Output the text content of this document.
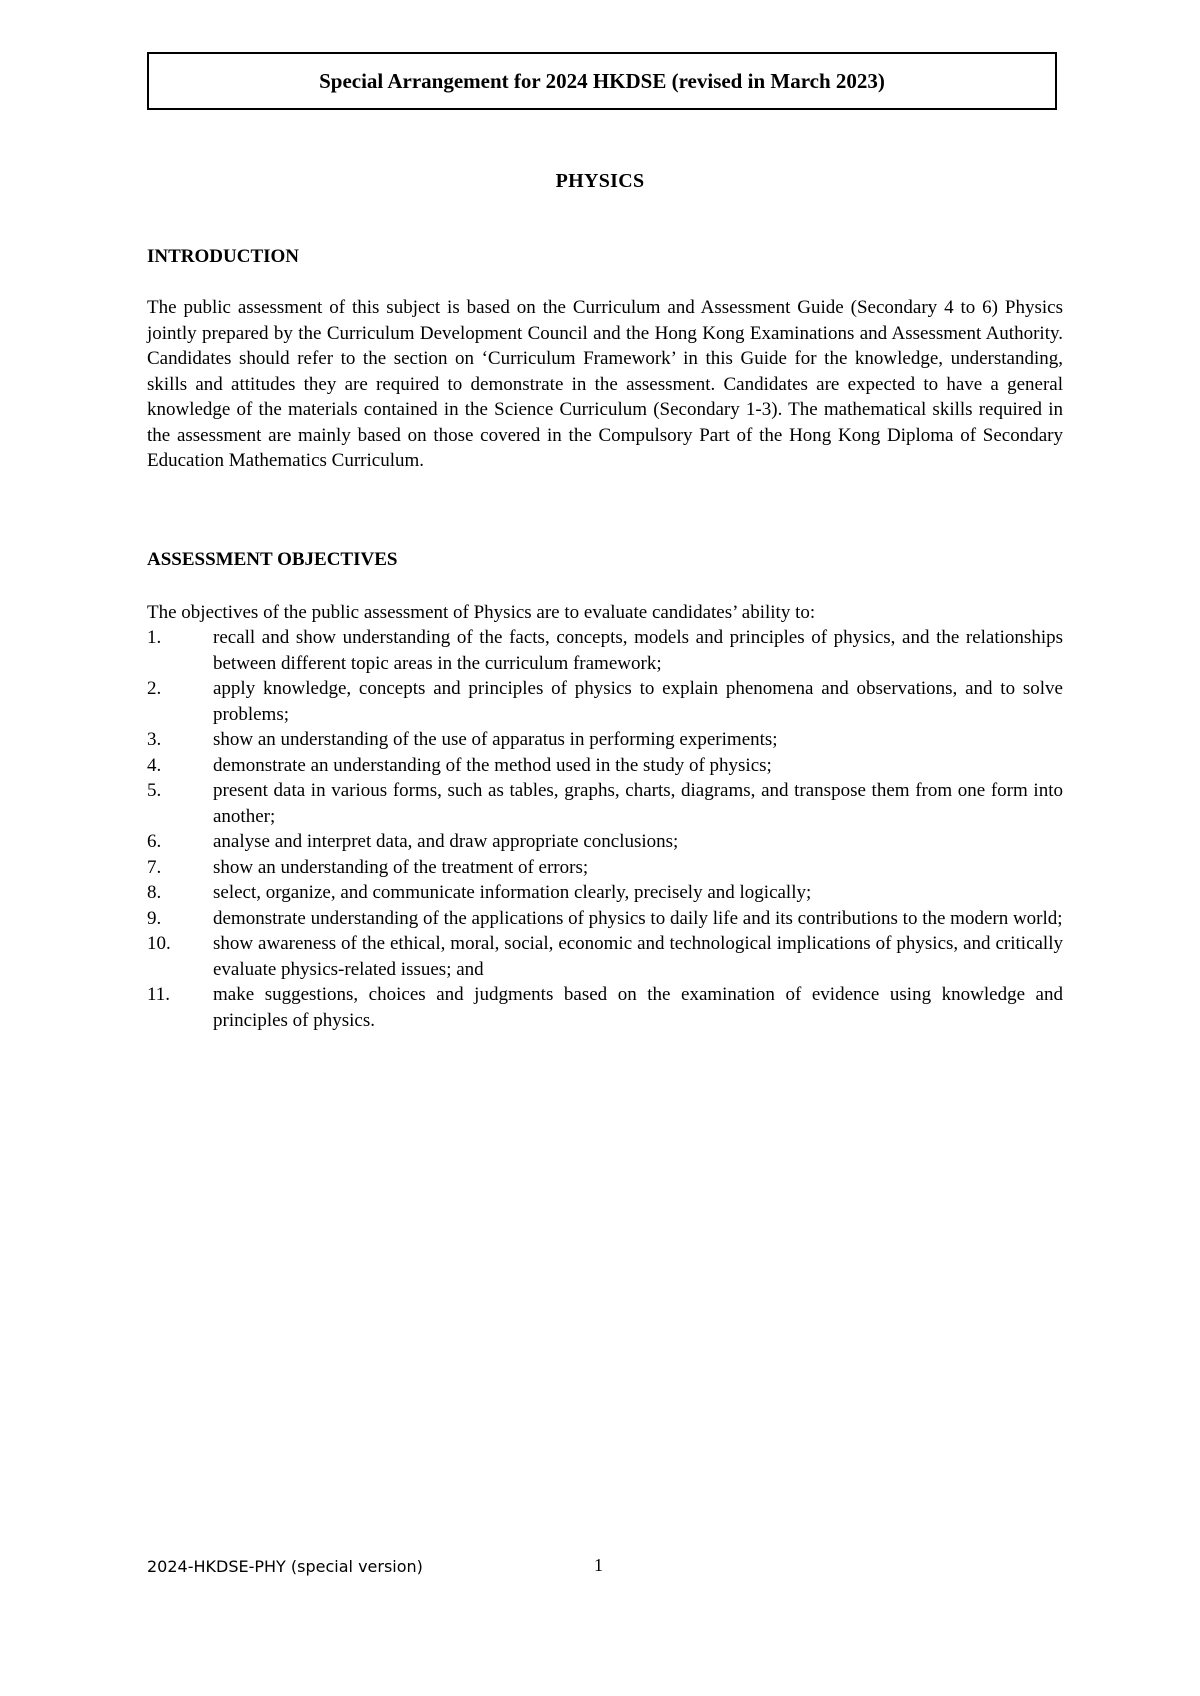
Special Arrangement for 2024 HKDSE (revised in March 2023)
PHYSICS
INTRODUCTION
The public assessment of this subject is based on the Curriculum and Assessment Guide (Secondary 4 to 6) Physics jointly prepared by the Curriculum Development Council and the Hong Kong Examinations and Assessment Authority. Candidates should refer to the section on ‘Curriculum Framework’ in this Guide for the knowledge, understanding, skills and attitudes they are required to demonstrate in the assessment. Candidates are expected to have a general knowledge of the materials contained in the Science Curriculum (Secondary 1-3). The mathematical skills required in the assessment are mainly based on those covered in the Compulsory Part of the Hong Kong Diploma of Secondary Education Mathematics Curriculum.
ASSESSMENT OBJECTIVES
The objectives of the public assessment of Physics are to evaluate candidates’ ability to:
1.	recall and show understanding of the facts, concepts, models and principles of physics, and the relationships between different topic areas in the curriculum framework;
2.	apply knowledge, concepts and principles of physics to explain phenomena and observations, and to solve problems;
3.	show an understanding of the use of apparatus in performing experiments;
4.	demonstrate an understanding of the method used in the study of physics;
5.	present data in various forms, such as tables, graphs, charts, diagrams, and transpose them from one form into another;
6.	analyse and interpret data, and draw appropriate conclusions;
7.	show an understanding of the treatment of errors;
8.	select, organize, and communicate information clearly, precisely and logically;
9.	demonstrate understanding of the applications of physics to daily life and its contributions to the modern world;
10.	show awareness of the ethical, moral, social, economic and technological implications of physics, and critically evaluate physics-related issues; and
11.	make suggestions, choices and judgments based on the examination of evidence using knowledge and principles of physics.
2024-HKDSE-PHY (special version)	1
